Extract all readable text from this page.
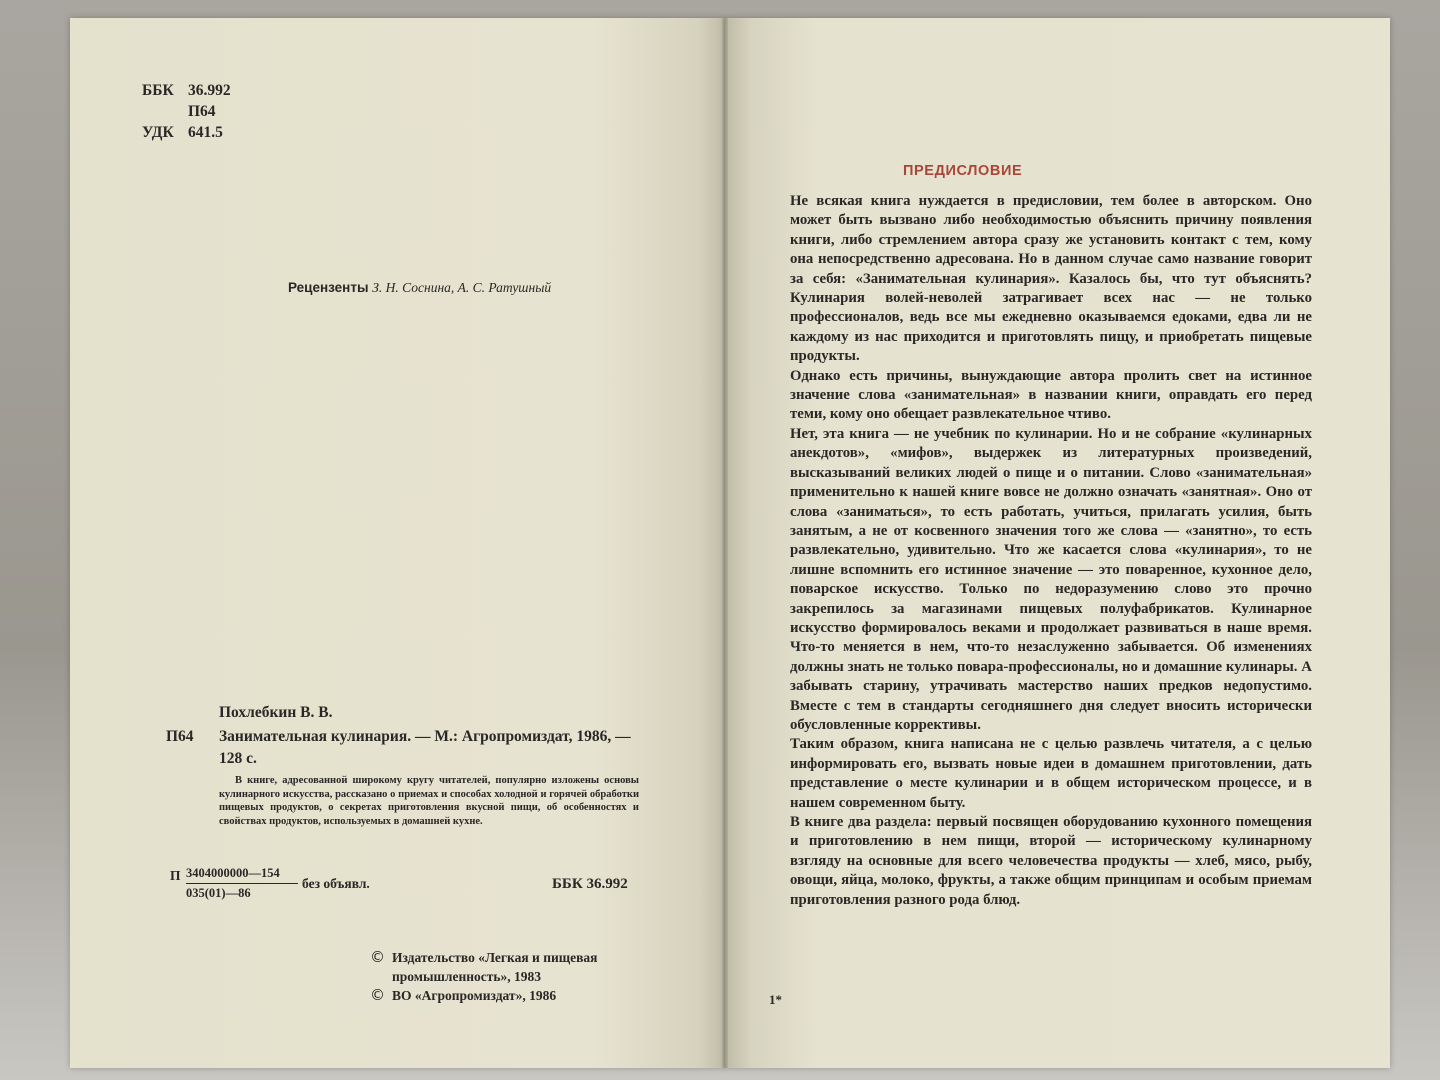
ББК 36.992
П64
УДК 641.5
Рецензенты З. Н. Соснина, А. С. Ратушный
Похлебкин В. В.
П64 Занимательная кулинария. — М.: Агропромиздат, 1986, — 128 с.
В книге, адресованной широкому кругу читателей, популярно изложены основы кулинарного искусства, рассказано о приемах и способах холодной и горячей обработки пищевых продуктов, о секретах приготовления вкусной пищи, об особенностях и свойствах продуктов, используемых в домашней кухне.
П $\frac{3404000000—154}{035(01)—86}$ без объявл.	ББК 36.992
© Издательство «Легкая и пищевая
промышленность», 1983
© ВО «Агропромиздат», 1986
ПРЕДИСЛОВИЕ

Не всякая книга нуждается в предисловии, тем более в авторском. Оно может быть вызвано либо необходимостью объяснить причину появления книги, либо стремлением автора сразу же установить контакт с тем, кому она непосредственно адресована. Но в данном случае само название говорит за себя: «Занимательная кулинария». Казалось бы, что тут объяснять? Кулинария волей-неволей затрагивает всех нас — не только профессионалов, ведь все мы ежедневно оказываемся едоками, едва ли не каждому из нас приходится и приготовлять пищу, и приобретать пищевые продукты.

Однако есть причины, вынуждающие автора пролить свет на истинное значение слова «занимательная» в названии книги, оправдать его перед теми, кому оно обещает развлекательное чтиво.

Нет, эта книга — не учебник по кулинарии. Но и не собрание «кулинарных анекдотов», «мифов», выдержек из литературных произведений, высказываний великих людей о пище и о питании. Слово «занимательная» применительно к нашей книге вовсе не должно означать «занятная». Оно от слова «заниматься», то есть работать, учиться, прилагать усилия, быть занятым, а не от косвенного значения того же слова — «занятно», то есть развлекательно, удивительно. Что же касается слова «кулинария», то не лишне вспомнить его истинное значение — это поваренное, кухонное дело, поварское искусство. Только по недоразумению слово это прочно закрепилось за магазинами пищевых полуфабрикатов. Кулинарное искусство формировалось веками и продолжает развиваться в наше время. Что-то меняется в нем, что-то незаслуженно забывается. Об изменениях должны знать не только повара-профессионалы, но и домашние кулинары. А забывать старину, утрачивать мастерство наших предков недопустимо. Вместе с тем в стандарты сегодняшнего дня следует вносить исторически обусловленные коррективы.

Таким образом, книга написана не с целью развлечь читателя, а с целью информировать его, вызвать новые идеи в домашнем приготовлении, дать представление о месте кулинарии и в общем историческом процессе, и в нашем современном быту.

В книге два раздела: первый посвящен оборудованию кухонного помещения и приготовлению в нем пищи, второй — историческому кулинарному взгляду на основные для всего человечества продукты — хлеб, мясо, рыбу, овощи, яйца, молоко, фрукты, а также общим принципам и особым приемам приготовления разного рода блюд.

1*
